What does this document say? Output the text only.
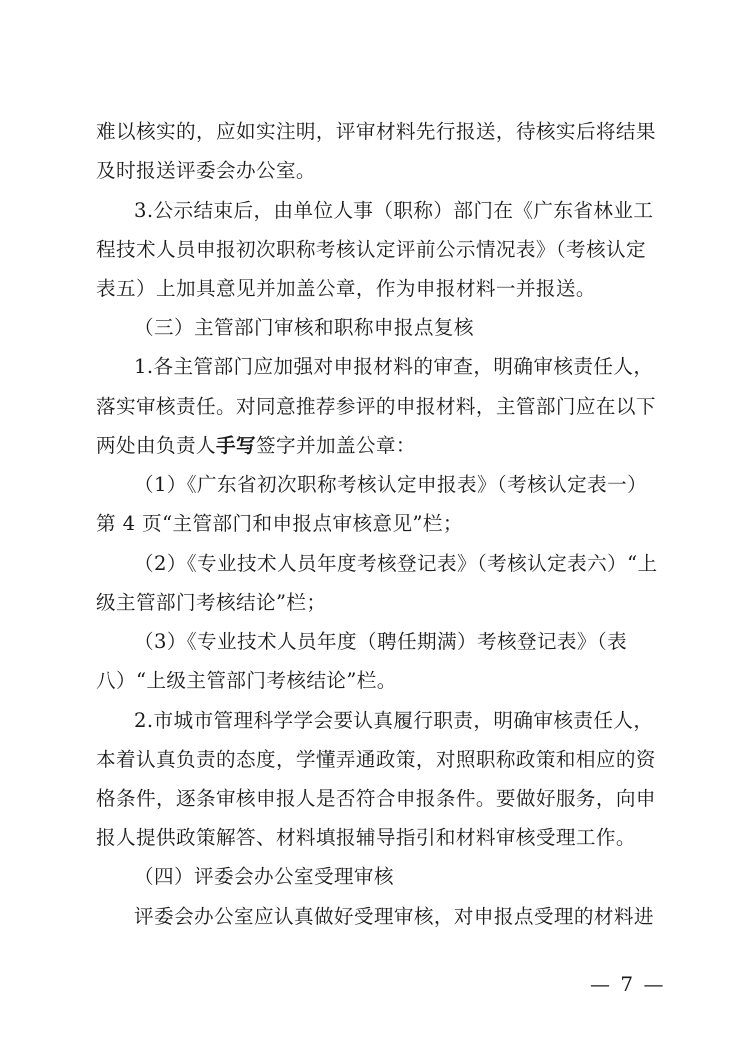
难以核实的，应如实注明，评审材料先行报送，待核实后将结果
及时报送评委会办公室。
3.公示结束后，由单位人事（职称）部门在《广东省林业工
程技术人员申报初次职称考核认定评前公示情况表》（考核认定
表五）上加具意见并加盖公章，作为申报材料一并报送。
（三）主管部门审核和职称申报点复核
1.各主管部门应加强对申报材料的审查，明确审核责任人，
落实审核责任。对同意推荐参评的申报材料，主管部门应在以下
两处由负责人手写签字并加盖公章：
（1）《广东省初次职称考核认定申报表》（考核认定表一）
第 4 页“主管部门和申报点审核意见”栏；
（2）《专业技术人员年度考核登记表》（考核认定表六）“上
级主管部门考核结论”栏；
（3）《专业技术人员年度（聘任期满）考核登记表》（表
八）“上级主管部门考核结论”栏。
2.市城市管理科学学会要认真履行职责，明确审核责任人，
本着认真负责的态度，学懂弄通政策，对照职称政策和相应的资
格条件，逐条审核申报人是否符合申报条件。要做好服务，向申
报人提供政策解答、材料填报辅导指引和材料审核受理工作。
（四）评委会办公室受理审核
评委会办公室应认真做好受理审核，对申报点受理的材料进
— 7 —
